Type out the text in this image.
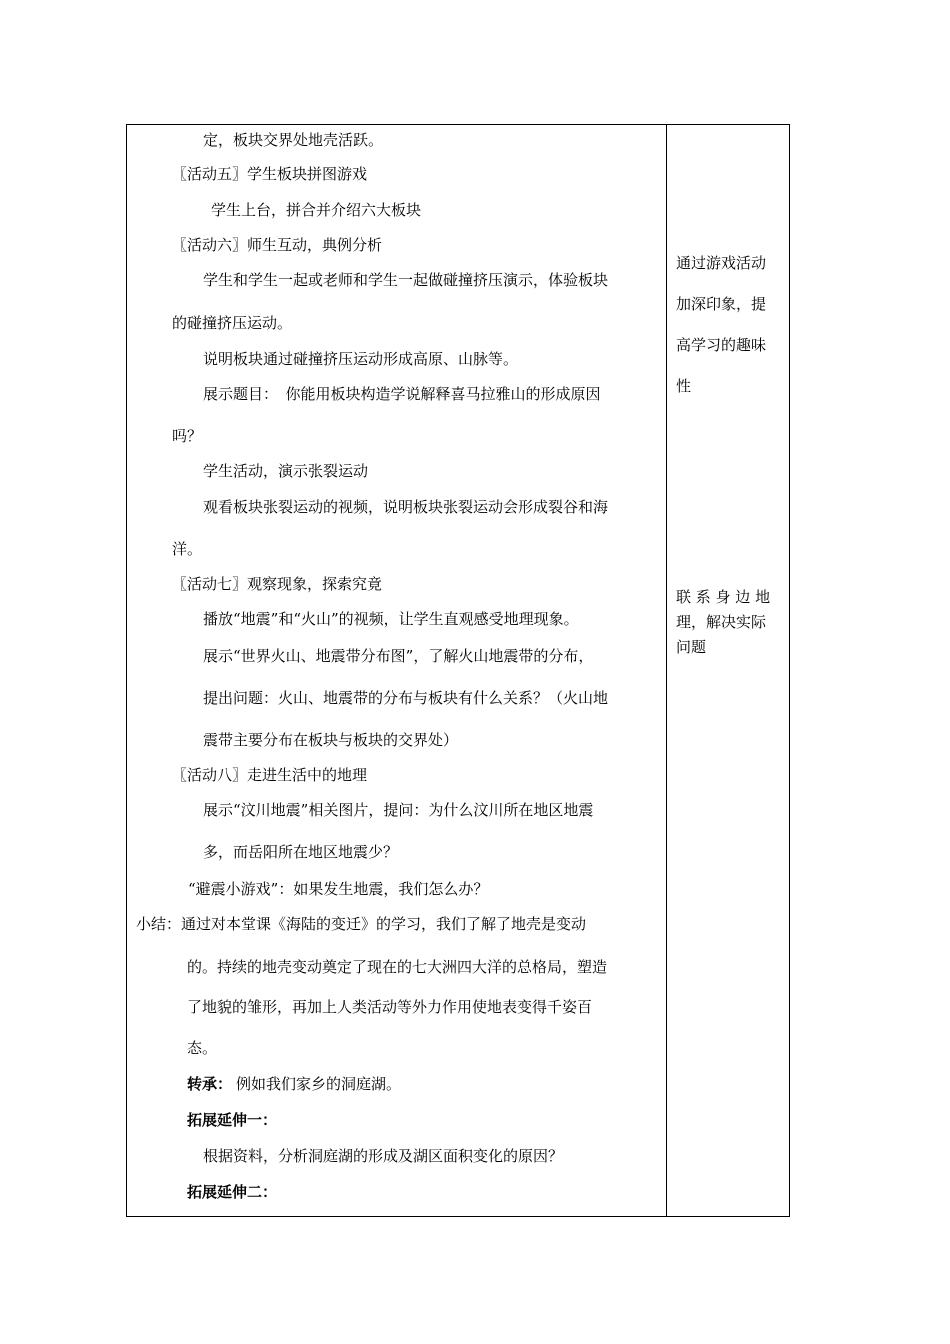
定，板块交界处地壳活跃。
〖活动五〗学生板块拼图游戏
学生上台，拼合并介绍六大板块
〖活动六〗师生互动，典例分析
学生和学生一起或老师和学生一起做碰撞挤压演示，体验板块
的碰撞挤压运动。
说明板块通过碰撞挤压运动形成高原、山脉等。
展示题目：　你能用板块构造学说解释喜马拉雅山的形成原因
吗？
学生活动，演示张裂运动
观看板块张裂运动的视频，说明板块张裂运动会形成裂谷和海
洋。
〖活动七〗观察现象，探索究竟
播放“地震”和“火山”的视频，让学生直观感受地理现象。
展示“世界火山、地震带分布图”，了解火山地震带的分布，
提出问题：火山、地震带的分布与板块有什么关系？（火山地
震带主要分布在板块与板块的交界处）
〖活动八〗走进生活中的地理
展示“汶川地震”相关图片，提问：为什么汶川所在地区地震
多，而岳阳所在地区地震少？
“避震小游戏”：如果发生地震，我们怎么办？
小结：通过对本堂课《海陆的变迁》的学习，我们了解了地壳是变动
的。持续的地壳变动奠定了现在的七大洲四大洋的总格局，塑造
了地貌的雏形，再加上人类活动等外力作用使地表变得千姿百
态。
转承： 例如我们家乡的洞庭湖。
拓展延伸一：
根据资料，分析洞庭湖的形成及湖区面积变化的原因？
拓展延伸二：
通过游戏活动
加深印象，提
高学习的趣味
性
联 系 身 边 地
理，解决实际
问题
